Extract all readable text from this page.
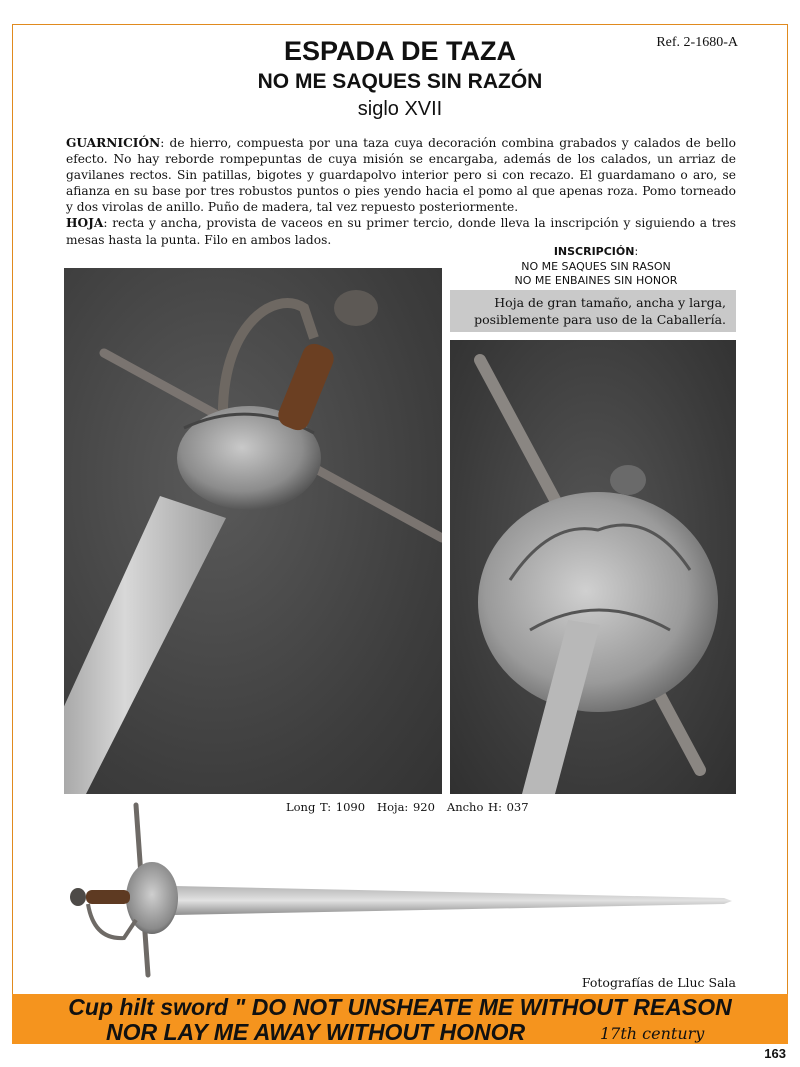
Ref. 2-1680-A
ESPADA DE TAZA
NO ME SAQUES SIN RAZÓN
siglo XVII

GUARNICIÓN: de hierro, compuesta por una taza cuya decoración combina grabados y calados de bello efecto. No hay reborde rompepuntas de cuya misión se encargaba, además de los calados, un arriaz de gavilanes rectos. Sin patillas, bigotes y guardapolvo interior pero si con recazo. El guardamano o aro, se afianza en su base por tres robustos puntos o pies yendo hacia el pomo al que apenas roza. Pomo torneado y dos virolas de anillo. Puño de madera, tal vez repuesto posteriormente.

HOJA: recta y ancha, provista de vaceos en su primer tercio, donde lleva la inscripción y siguiendo a tres mesas hasta la punta. Filo en ambos lados.

INSCRIPCIÓN:
NO ME SAQUES SIN RASON
NO ME ENBAINES SIN HONOR
Hoja de gran tamaño, ancha y larga, posiblemente para uso de la Caballería.
Long T: 1090 Hoja: 920 Ancho H: 037
Fotografías de Lluc Sala
Cup hilt sword " DO NOT UNSHEATE ME WITHOUT REASON
NOR LAY ME AWAY WITHOUT HONOR	17th century
163
